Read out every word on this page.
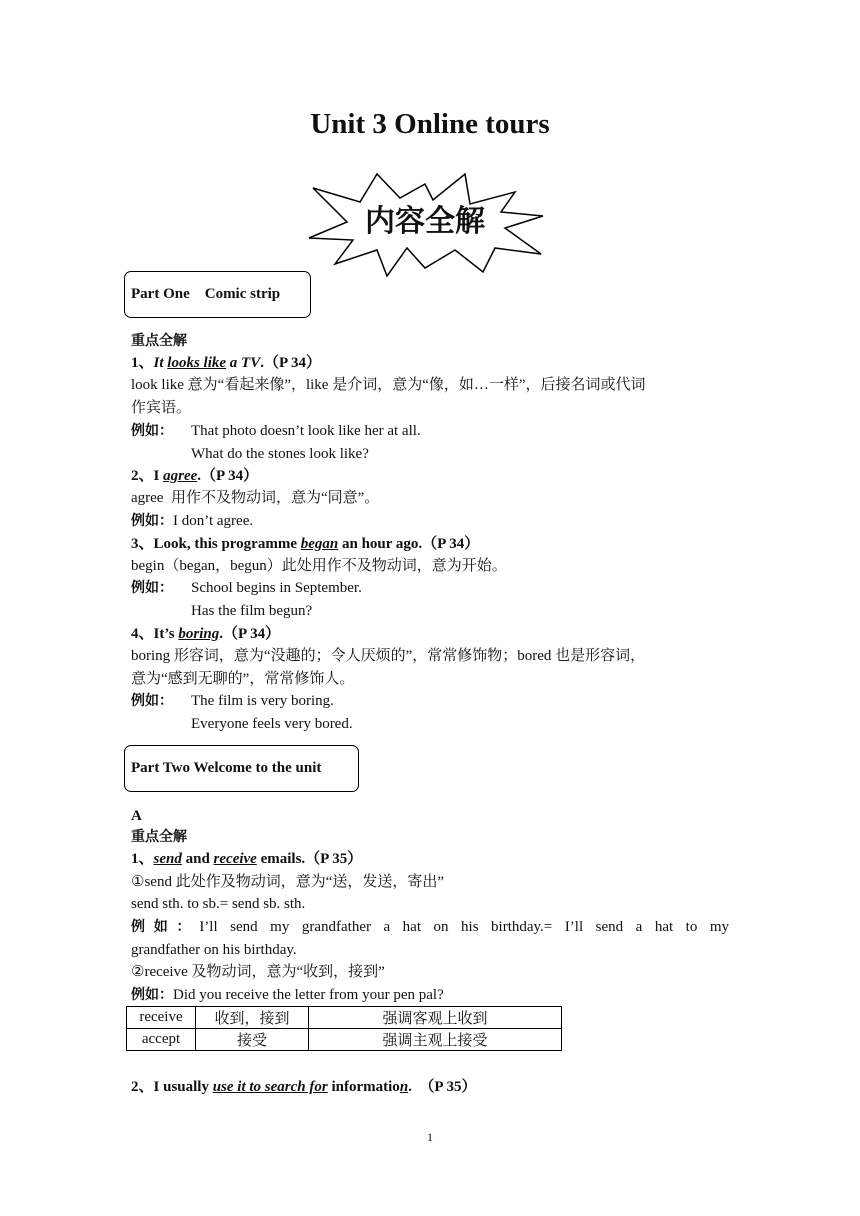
Unit 3 Online tours
内容全解
Part One    Comic strip
重点全解
1、It looks like a TV.（P 34）
look like 意为“看起来像”，like 是介词，意为“像，如…一样”，后接名词或代词
作宾语。
例如： That photo doesn’t look like her at all.
What do the stones look like?
2、I agree.（P 34）
agree  用作不及物动词，意为“同意”。
例如：I don’t agree.
3、Look, this programme began an hour ago.（P 34）
begin（began，begun）此处用作不及物动词，意为开始。
例如： School begins in September.
Has the film begun?
4、It’s boring.（P 34）
boring 形容词，意为“没趣的；令人厌烦的”，常常修饰物；bored 也是形容词，
意为“感到无聊的”，常常修饰人。
例如： The film is very boring.
Everyone feels very bored.
Part Two Welcome to the unit
A
重点全解
1、send and receive emails.（P 35）
①send 此处作及物动词，意为“送，发送，寄出”
send sth. to sb.= send sb. sth.
例如：I’ll send my grandfather a hat on his birthday.= I’ll send a hat to my
grandfather on his birthday.
②receive 及物动词，意为“收到，接到”
例如：Did you receive the letter from your pen pal?
receive	收到，接到	强调客观上收到
accept	接受	强调主观上接受
2、I usually use it to search for information.  （P 35）
1
